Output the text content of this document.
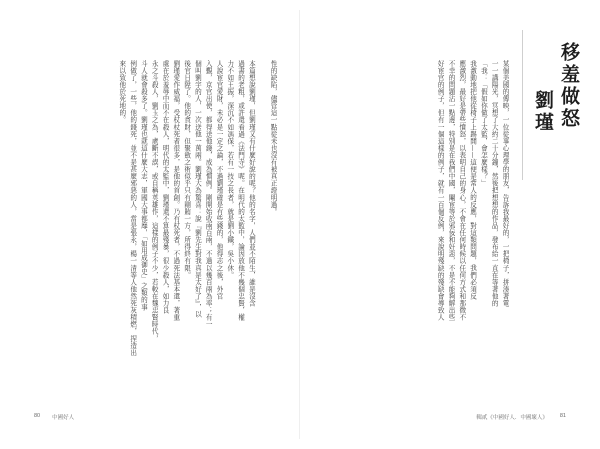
性的缺陷，儘管這一點從未也沒有被真正證明過。
本篇想說劉瑾，但劉瑾又有什麼好說的呢？他的名字，人們並不陌生，誰是沒含
過書的老粗，或許還看過《法門寺》呢。在明代的太監中，論因放他不幾個忠賢，權
力不如王振，深沉不如馮保，若有一技之長者，就是劉小鐵，吳小休。
人說宦官愛財，未必是一定之論，不過劉瑾確是有些錢的，他得志之後，外官
入覲，京官出使，都得送他錢，成為慣例。剛開始收兩百兩，不過以幾百兩為率；有一
個叫劉宇的人，一次送他一萬兩。劉瑾大為驚喜：說『劉先生對我真是太好了』，以
後官日陞了。他的貪財，但聚斂之術似乎只有剛賄一方，所得終有限。
劉瑾愛作威福，受杖杖死者很多，是他的首創。乃有杖死者，不過死法基本還，著重
處在於羞辱中而不在殺人，明代的太監中，劉瑾還不算最殘暴，很少殺人，如力良
永之斗殺人，劉玉之為，處斷不誤，或自稱英雄作，這樣的例子不少，若較在魏忠賢時代，
斗人就會殺多了。劉瑾也就這什麼大志，軍國大事都靡，「如用成御史」之類的事
例做了，一些，他的錢死，並不是甚麼邪惡的人，當是張永，楊一清等人他然死灰積燃，捏造出
來以致他於死地的。
80 中國好人
某個美國的傳映，一位從事心理學的朋友，告訴我最好的，一把椅子，拼湊著電
一一講陽光，冥想了大約二十分鐘，然後把想想的作品，發布給一直在等著他的
「我：「假如你做了太監，會怎麼樣？」
我激動地把他從椅子上踢開——這便是常人的反應，對這類問題，我們必須反
應激烈，最好是帶些憤怒，以表明自己的身心，不會在任何時候以任何方式和那微不
不幸的問題沾一點邊，特別是在我們中國，閹宦等於邪佞和奸惡，不是不能夠解出些
好宦官的例子，但有一個這樣的例子，就有一百個反例，來說明殘缺的殘缺會導致人	移羞做怒
劉瑾
輯貳《中國好人．中國壞人》 81
